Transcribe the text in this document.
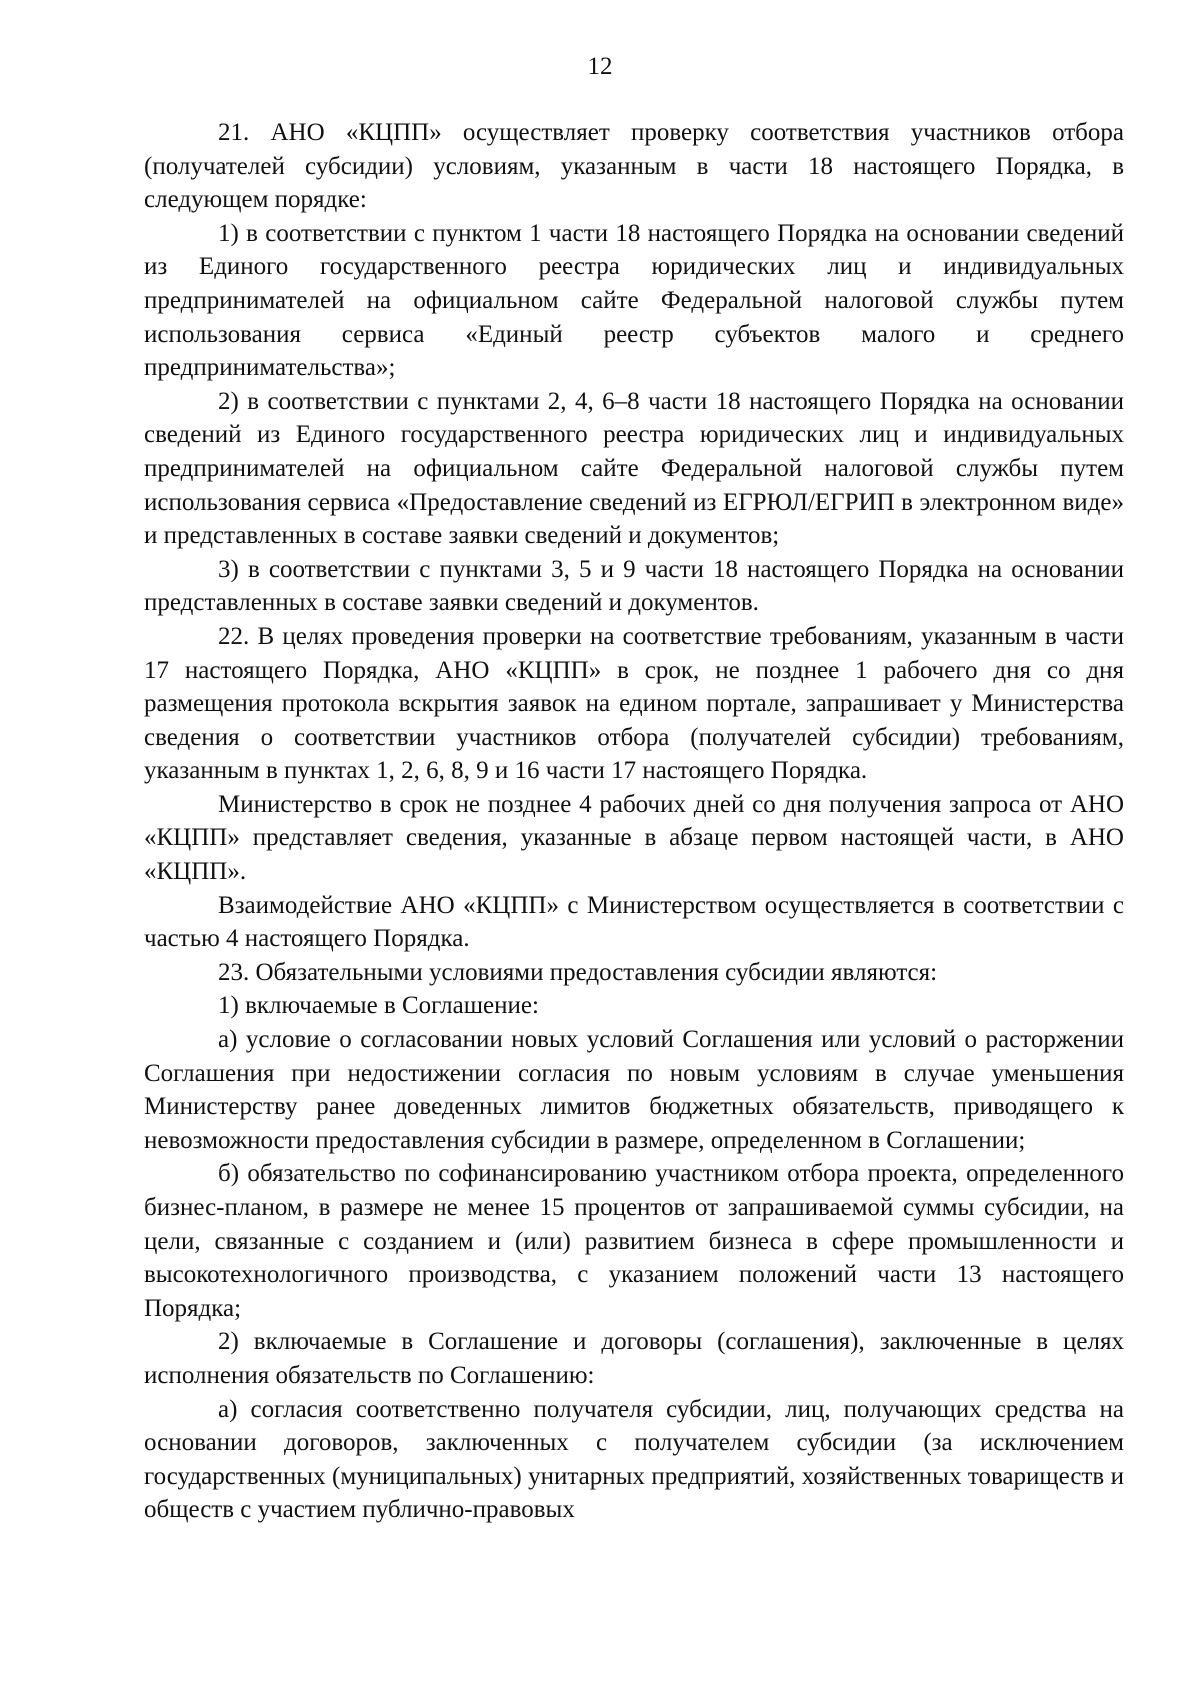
12

21. АНО «КЦПП» осуществляет проверку соответствия участников отбора (получателей субсидии) условиям, указанным в части 18 настоящего Порядка, в следующем порядке:

1) в соответствии с пунктом 1 части 18 настоящего Порядка на основании сведений из Единого государственного реестра юридических лиц и индивидуальных предпринимателей на официальном сайте Федеральной налоговой службы путем использования сервиса «Единый реестр субъектов малого и среднего предпринимательства»;

2) в соответствии с пунктами 2, 4, 6–8 части 18 настоящего Порядка на основании сведений из Единого государственного реестра юридических лиц и индивидуальных предпринимателей на официальном сайте Федеральной налоговой службы путем использования сервиса «Предоставление сведений из ЕГРЮЛ/ЕГРИП в электронном виде» и представленных в составе заявки сведений и документов;

3) в соответствии с пунктами 3, 5 и 9 части 18 настоящего Порядка на основании представленных в составе заявки сведений и документов.

22. В целях проведения проверки на соответствие требованиям, указанным в части 17 настоящего Порядка, АНО «КЦПП» в срок, не позднее 1 рабочего дня со дня размещения протокола вскрытия заявок на едином портале, запрашивает у Министерства сведения о соответствии участников отбора (получателей субсидии) требованиям, указанным в пунктах 1, 2, 6, 8, 9 и 16 части 17 настоящего Порядка.

Министерство в срок не позднее 4 рабочих дней со дня получения запроса от АНО «КЦПП» представляет сведения, указанные в абзаце первом настоящей части, в АНО «КЦПП».

Взаимодействие АНО «КЦПП» с Министерством осуществляется в соответствии с частью 4 настоящего Порядка.

23. Обязательными условиями предоставления субсидии являются:

1) включаемые в Соглашение:

а) условие о согласовании новых условий Соглашения или условий о расторжении Соглашения при недостижении согласия по новым условиям в случае уменьшения Министерству ранее доведенных лимитов бюджетных обязательств, приводящего к невозможности предоставления субсидии в размере, определенном в Соглашении;

б) обязательство по софинансированию участником отбора проекта, определенного бизнес-планом, в размере не менее 15 процентов от запрашиваемой суммы субсидии, на цели, связанные с созданием и (или) развитием бизнеса в сфере промышленности и высокотехнологичного производства, с указанием положений части 13 настоящего Порядка;

2) включаемые в Соглашение и договоры (соглашения), заключенные в целях исполнения обязательств по Соглашению:

а) согласия соответственно получателя субсидии, лиц, получающих средства на основании договоров, заключенных с получателем субсидии (за исключением государственных (муниципальных) унитарных предприятий, хозяйственных товариществ и обществ с участием публично-правовых
